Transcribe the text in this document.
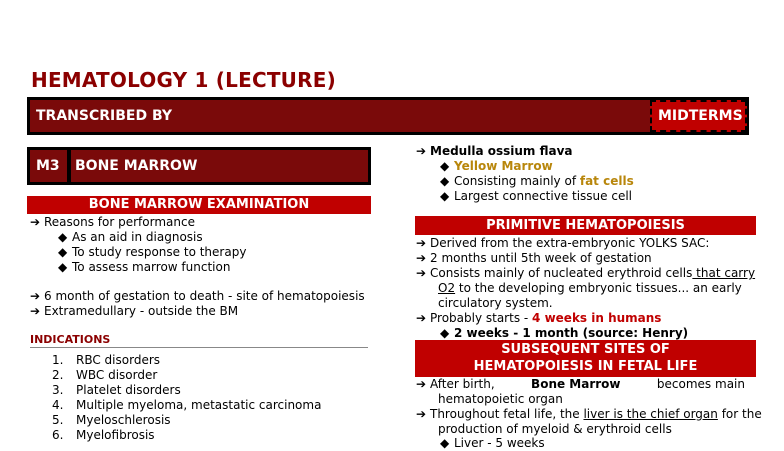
HEMATOLOGY 1 (LECTURE)
TRANSCRIBED BY	MIDTERMS
M3 BONE MARROW
BONE MARROW EXAMINATION
➔ Reasons for performance
◆ As an aid in diagnosis
◆ To study response to therapy
◆ To assess marrow function
➔ 6 month of gestation to death - site of hematopoiesis
➔ Extramedullary - outside the BM
INDICATIONS
1. RBC disorders
2. WBC disorder
3. Platelet disorders
4. Multiple myeloma, metastatic carcinoma
5. Myeloschlerosis
6. Myelofibrosis
➔ Medulla ossium flava
◆ Yellow Marrow
◆ Consisting mainly of fat cells
◆ Largest connective tissue cell
PRIMITIVE HEMATOPOIESIS
➔ Derived from the extra-embryonic YOLKS SAC:
➔ 2 months until 5th week of gestation
➔ Consists mainly of nucleated erythroid cells that carry
O2 to the developing embryonic tissues... an early
circulatory system.
➔ Probably starts - 4 weeks in humans
◆ 2 weeks - 1 month (source: Henry)
SUBSEQUENT SITES OF
HEMATOPOIESIS IN FETAL LIFE
➔ After birth,	Bone Marrow	becomes main
hematopoietic organ
➔ Throughout fetal life, the liver is the chief organ for the
production of myeloid & erythroid cells
◆ Liver - 5 weeks
